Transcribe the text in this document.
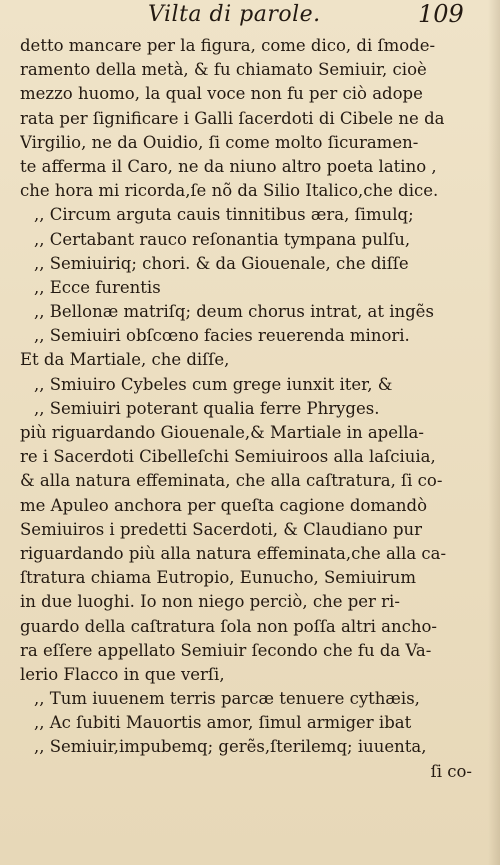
Vilta di parole.	109
detto mancare per la figura, come dico, di ſmode-
ramento della metà, & fu chiamato Semiuir, cioè
mezzo huomo, la qual voce non fu per ciò adope
rata per ſignificare i Galli ſacerdoti di Cibele ne da
Virgilio, ne da Ouidio, ſi come molto ſicuramen-
te afferma il Caro, ne da niuno altro poeta latino ,
che hora mi ricorda,ſe nõ da Silio Italico,che dice.
,, Circum arguta cauis tinnitibus æra, ſimulq;
,, Certabant rauco reſonantia tympana pulſu,
,, Semiuiriq; chori. & da Giouenale, che diſſe
,, Ecce furentis
,, Bellonæ matriſq; deum chorus intrat, at ingẽs
,, Semiuiri obſcœno facies reuerenda minori.
Et da Martiale, che diſſe,
,, Smiuiro Cybeles cum grege iunxit iter, &
,, Semiuiri poterant qualia ferre Phryges.
più riguardando Giouenale,& Martiale in apella-
re i Sacerdoti Cibelleſchi Semiuiroos alla laſciuia,
& alla natura effeminata, che alla caſtratura, ſi co-
me Apuleo anchora per queſta cagione domandò
Semiuiros i predetti Sacerdoti, & Claudiano pur
riguardando più alla natura effeminata,che alla ca-
ſtratura chiama Eutropio, Eunucho, Semiuirum
in due luoghi. Io non niego perciò, che per ri-
guardo della caſtratura ſola non poſſa altri ancho-
ra eſſere appellato Semiuir ſecondo che fu da Va-
lerio Flacco in que verſi,
,, Tum iuuenem terris parcæ tenuere cythæis,
,, Ac ſubiti Mauortis amor, ſimul armiger ibat
,, Semiuir,impubemq; gerẽs,ſterilemq; iuuenta,
ſi co-
